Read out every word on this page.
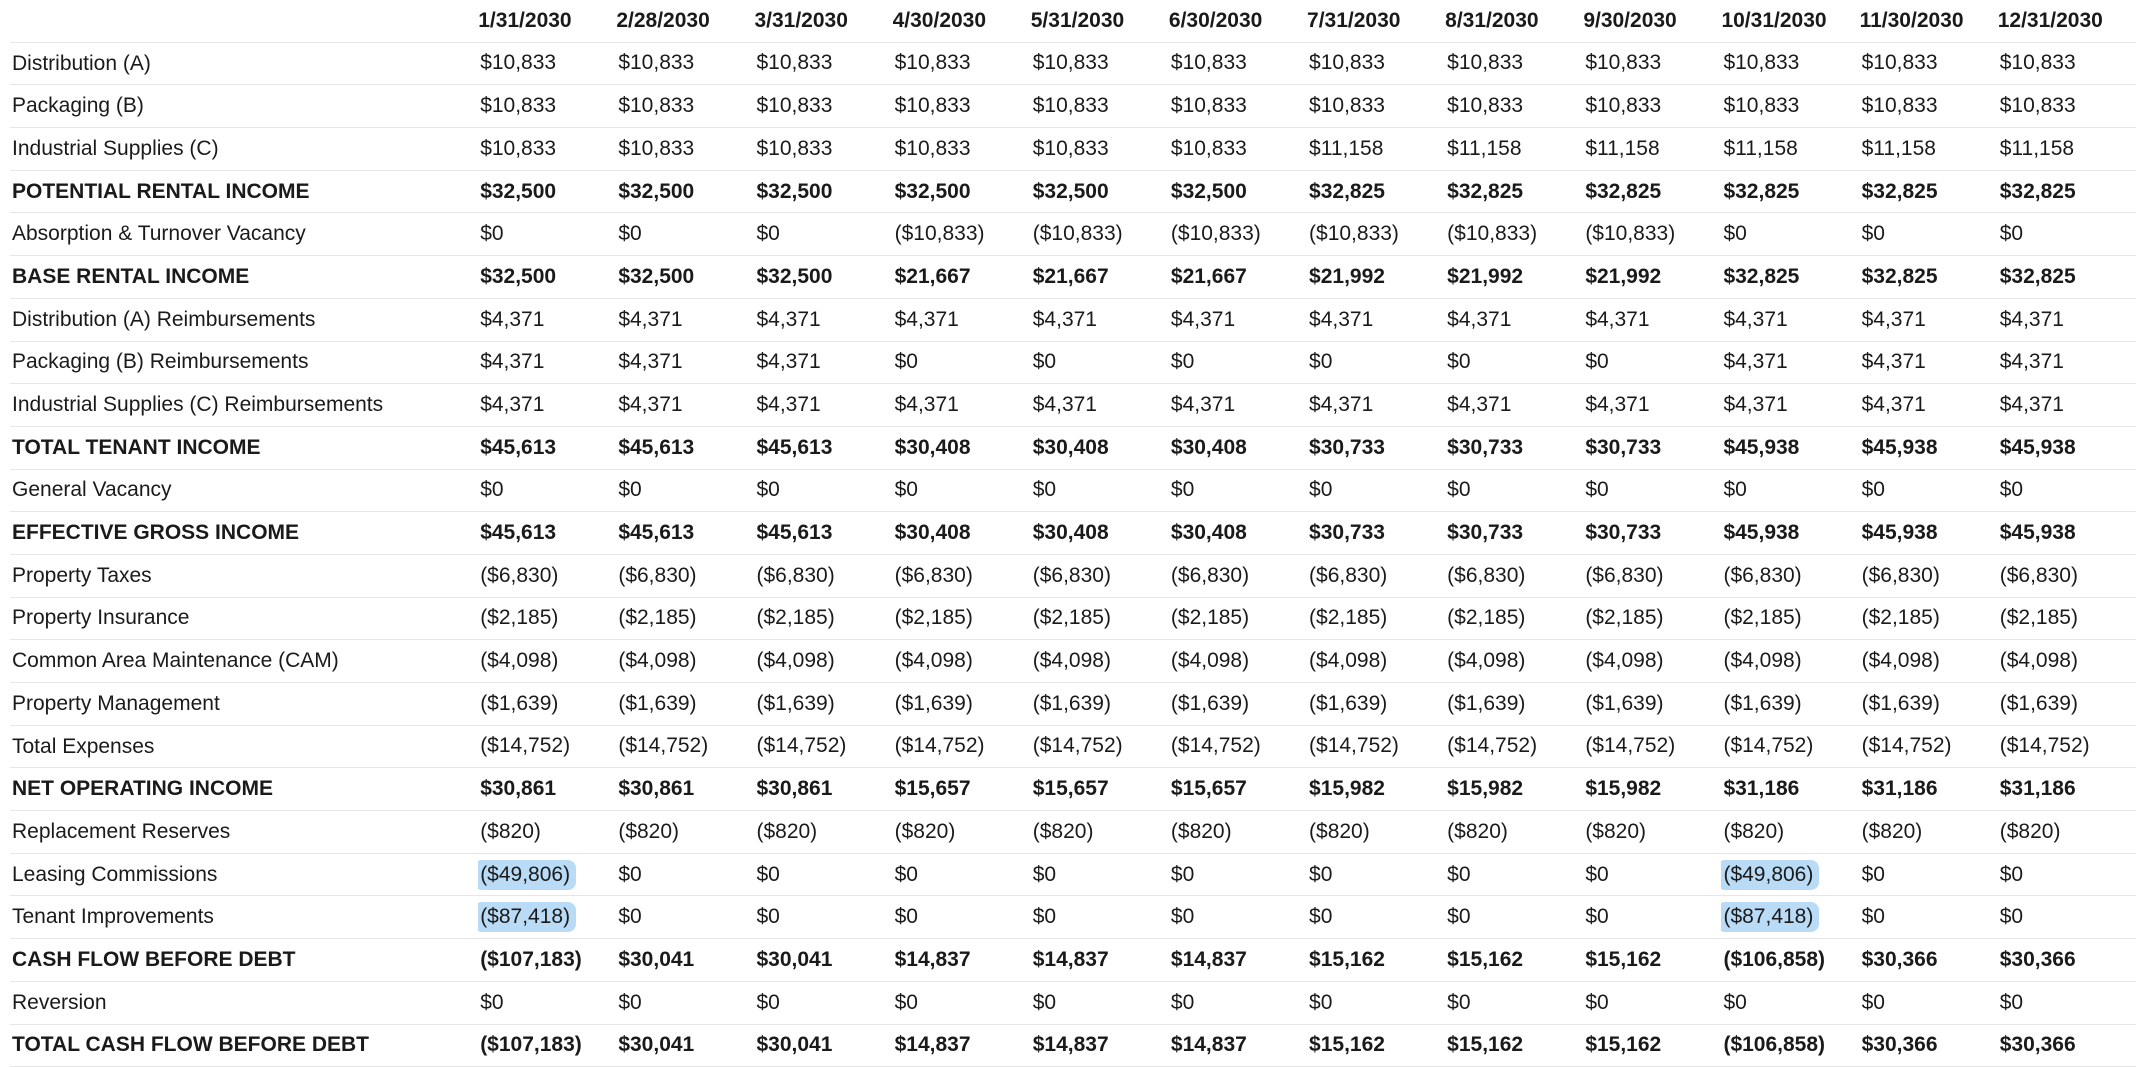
	1/31/2030	2/28/2030	3/31/2030	4/30/2030	5/31/2030	6/30/2030	7/31/2030	8/31/2030	9/30/2030	10/31/2030	11/30/2030	12/31/2030
Distribution (A)	$10,833	$10,833	$10,833	$10,833	$10,833	$10,833	$10,833	$10,833	$10,833	$10,833	$10,833	$10,833
Packaging (B)	$10,833	$10,833	$10,833	$10,833	$10,833	$10,833	$10,833	$10,833	$10,833	$10,833	$10,833	$10,833
Industrial Supplies (C)	$10,833	$10,833	$10,833	$10,833	$10,833	$10,833	$11,158	$11,158	$11,158	$11,158	$11,158	$11,158
POTENTIAL RENTAL INCOME	$32,500	$32,500	$32,500	$32,500	$32,500	$32,500	$32,825	$32,825	$32,825	$32,825	$32,825	$32,825
Absorption & Turnover Vacancy	$0	$0	$0	($10,833)	($10,833)	($10,833)	($10,833)	($10,833)	($10,833)	$0	$0	$0
BASE RENTAL INCOME	$32,500	$32,500	$32,500	$21,667	$21,667	$21,667	$21,992	$21,992	$21,992	$32,825	$32,825	$32,825
Distribution (A) Reimbursements	$4,371	$4,371	$4,371	$4,371	$4,371	$4,371	$4,371	$4,371	$4,371	$4,371	$4,371	$4,371
Packaging (B) Reimbursements	$4,371	$4,371	$4,371	$0	$0	$0	$0	$0	$0	$4,371	$4,371	$4,371
Industrial Supplies (C) Reimbursements	$4,371	$4,371	$4,371	$4,371	$4,371	$4,371	$4,371	$4,371	$4,371	$4,371	$4,371	$4,371
TOTAL TENANT INCOME	$45,613	$45,613	$45,613	$30,408	$30,408	$30,408	$30,733	$30,733	$30,733	$45,938	$45,938	$45,938
General Vacancy	$0	$0	$0	$0	$0	$0	$0	$0	$0	$0	$0	$0
EFFECTIVE GROSS INCOME	$45,613	$45,613	$45,613	$30,408	$30,408	$30,408	$30,733	$30,733	$30,733	$45,938	$45,938	$45,938
Property Taxes	($6,830)	($6,830)	($6,830)	($6,830)	($6,830)	($6,830)	($6,830)	($6,830)	($6,830)	($6,830)	($6,830)	($6,830)
Property Insurance	($2,185)	($2,185)	($2,185)	($2,185)	($2,185)	($2,185)	($2,185)	($2,185)	($2,185)	($2,185)	($2,185)	($2,185)
Common Area Maintenance (CAM)	($4,098)	($4,098)	($4,098)	($4,098)	($4,098)	($4,098)	($4,098)	($4,098)	($4,098)	($4,098)	($4,098)	($4,098)
Property Management	($1,639)	($1,639)	($1,639)	($1,639)	($1,639)	($1,639)	($1,639)	($1,639)	($1,639)	($1,639)	($1,639)	($1,639)
Total Expenses	($14,752)	($14,752)	($14,752)	($14,752)	($14,752)	($14,752)	($14,752)	($14,752)	($14,752)	($14,752)	($14,752)	($14,752)
NET OPERATING INCOME	$30,861	$30,861	$30,861	$15,657	$15,657	$15,657	$15,982	$15,982	$15,982	$31,186	$31,186	$31,186
Replacement Reserves	($820)	($820)	($820)	($820)	($820)	($820)	($820)	($820)	($820)	($820)	($820)	($820)
Leasing Commissions	($49,806)	$0	$0	$0	$0	$0	$0	$0	$0	($49,806)	$0	$0
Tenant Improvements	($87,418)	$0	$0	$0	$0	$0	$0	$0	$0	($87,418)	$0	$0
CASH FLOW BEFORE DEBT	($107,183)	$30,041	$30,041	$14,837	$14,837	$14,837	$15,162	$15,162	$15,162	($106,858)	$30,366	$30,366
Reversion	$0	$0	$0	$0	$0	$0	$0	$0	$0	$0	$0	$0
TOTAL CASH FLOW BEFORE DEBT	($107,183)	$30,041	$30,041	$14,837	$14,837	$14,837	$15,162	$15,162	$15,162	($106,858)	$30,366	$30,366
